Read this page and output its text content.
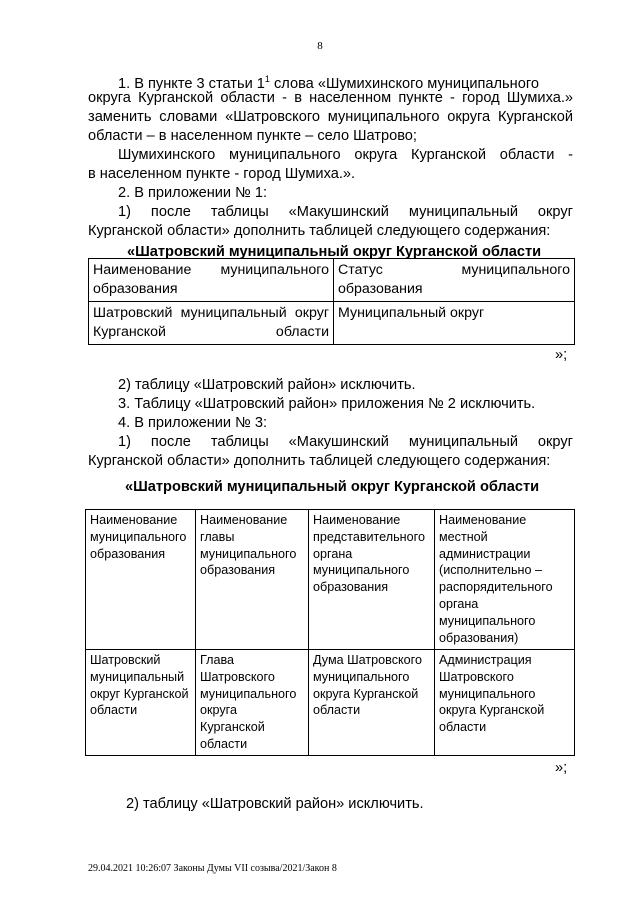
8
1. В пункте 3 статьи $1^1$ слова «Шумихинского муниципального
округа Курганской области - в населенном пункте - город Шумиха.»
заменить словами «Шатровского муниципального округа Курганской
области – в населенном пункте – село Шатрово;
Шумихинского муниципального округа Курганской области -
в населенном пункте - город Шумиха.».
2. В приложении № 1:
1) после таблицы «Макушинский муниципальный округ
Курганской области» дополнить таблицей следующего содержания:
«Шатровский муниципальный округ Курганской области
Наименование муниципального образования	Статус муниципального образования
Шатровский муниципальный округ Курганской области	Муниципальный округ
»;
2) таблицу «Шатровский район» исключить.
3. Таблицу «Шатровский район» приложения № 2 исключить.
4. В приложении № 3:
1) после таблицы «Макушинский муниципальный округ
Курганской области» дополнить таблицей следующего содержания:
«Шатровский муниципальный округ Курганской области
Наименование муниципального образования	Наименование главы муниципального образования	Наименование представительного органа муниципального образования	Наименование местной администрации (исполнительно – распорядительного органа муниципального образования)
Шатровский муниципальный округ Курганской области	Глава Шатровского муниципального округа Курганской области	Дума Шатровского муниципального округа Курганской области	Администрация Шатровского муниципального округа Курганской области
»;
2) таблицу «Шатровский район» исключить.
29.04.2021 10:26:07 Законы Думы VII созыва/2021/Закон 8
